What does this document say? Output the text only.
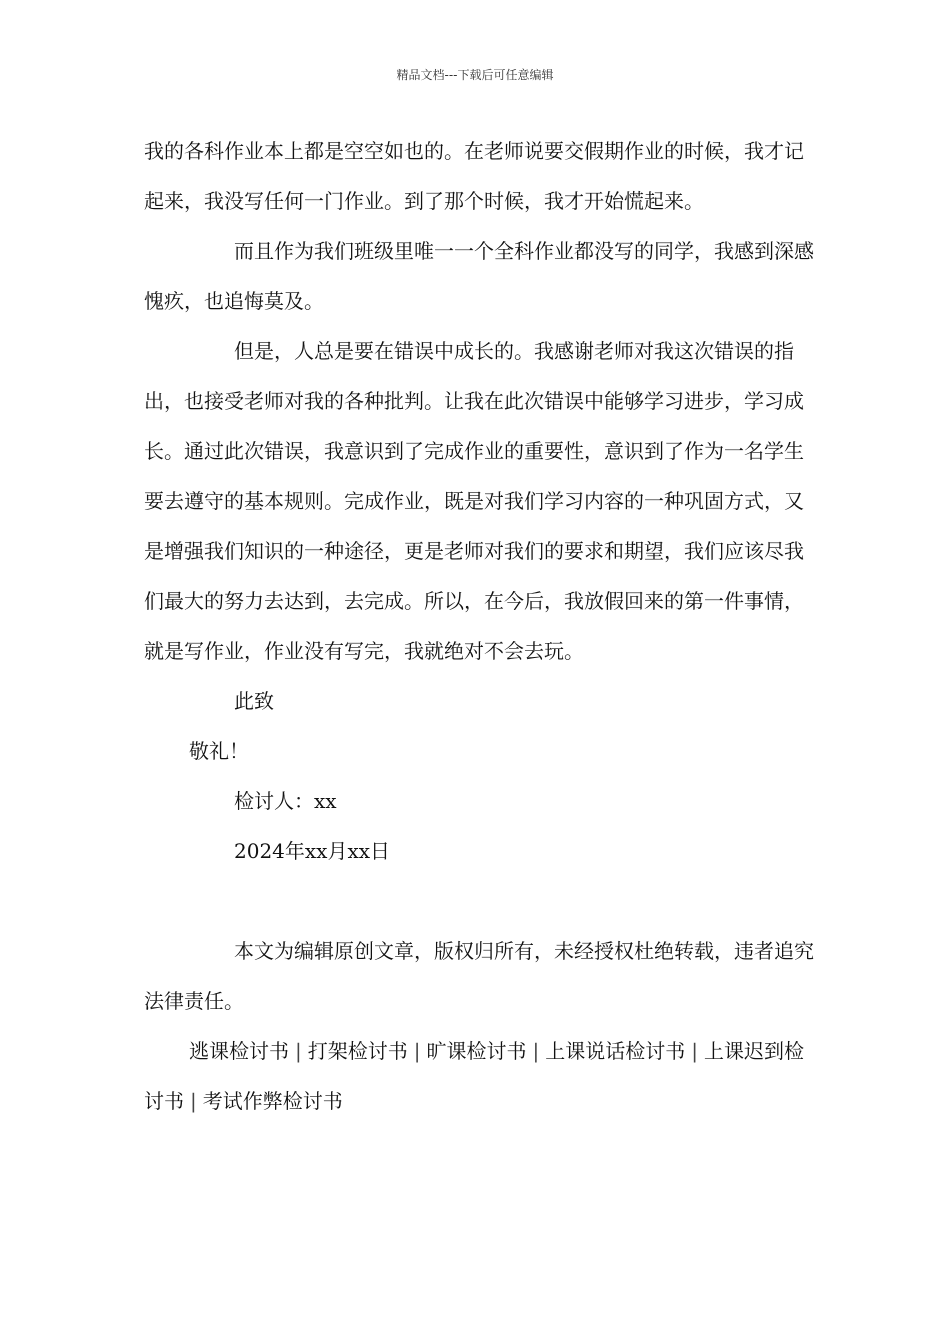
精品文档---下载后可任意编辑

我的各科作业本上都是空空如也的。在老师说要交假期作业的时候，我才记起来，我没写任何一门作业。到了那个时候，我才开始慌起来。

而且作为我们班级里唯一一个全科作业都没写的同学，我感到深感愧疚，也追悔莫及。

但是，人总是要在错误中成长的。我感谢老师对我这次错误的指出，也接受老师对我的各种批判。让我在此次错误中能够学习进步，学习成长。通过此次错误，我意识到了完成作业的重要性，意识到了作为一名学生要去遵守的基本规则。完成作业，既是对我们学习内容的一种巩固方式，又是增强我们知识的一种途径，更是老师对我们的要求和期望，我们应该尽我们最大的努力去达到，去完成。所以，在今后，我放假回来的第一件事情，就是写作业，作业没有写完，我就绝对不会去玩。

此致

敬礼！

检讨人：xx

2024年xx月xx日

本文为编辑原创文章，版权归所有，未经授权杜绝转载，违者追究法律责任。

逃课检讨书 | 打架检讨书 | 旷课检讨书 | 上课说话检讨书 | 上课迟到检讨书 | 考试作弊检讨书
